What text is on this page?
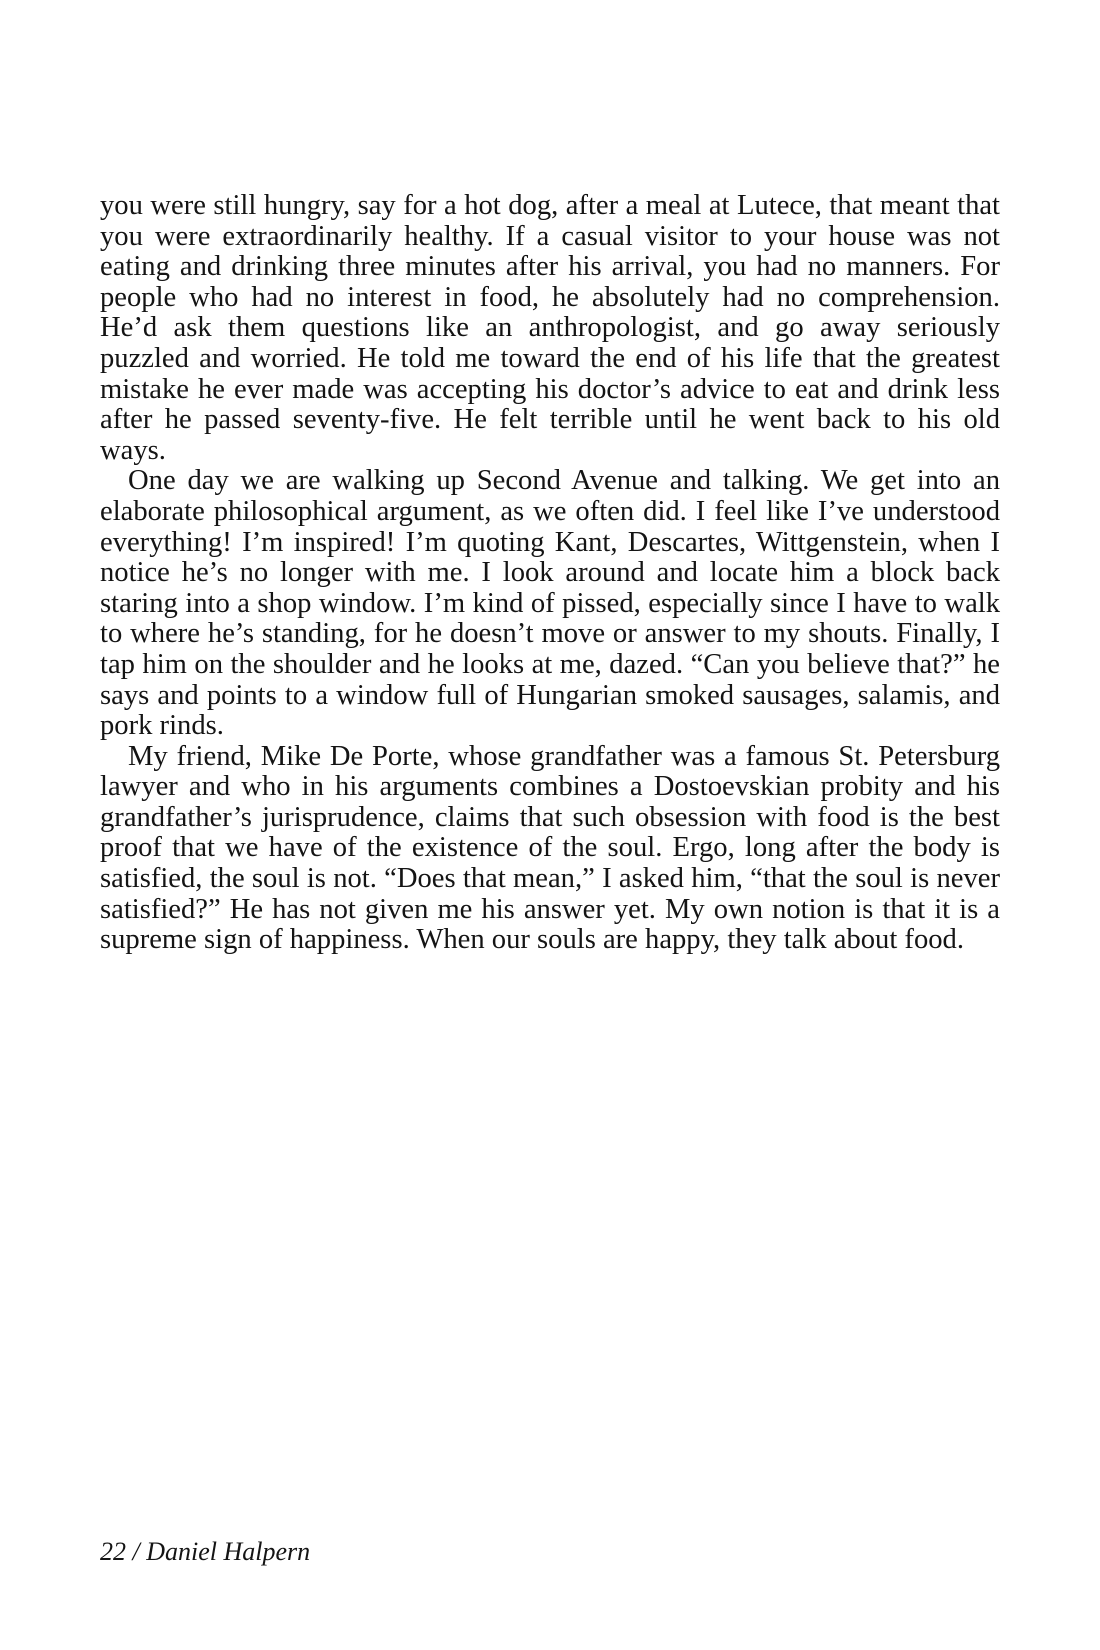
you were still hungry, say for a hot dog, after a meal at Lutece, that meant that you were extraordinarily healthy. If a casual visitor to your house was not eating and drinking three minutes after his arrival, you had no manners. For people who had no interest in food, he absolutely had no comprehension. He’d ask them questions like an anthropologist, and go away seriously puzzled and worried. He told me toward the end of his life that the greatest mistake he ever made was accepting his doctor’s advice to eat and drink less after he passed seventy-five. He felt terrible until he went back to his old ways.

One day we are walking up Second Avenue and talking. We get into an elaborate philosophical argument, as we often did. I feel like I’ve understood everything! I’m inspired! I’m quoting Kant, Descartes, Wittgenstein, when I notice he’s no longer with me. I look around and locate him a block back staring into a shop window. I’m kind of pissed, especially since I have to walk to where he’s standing, for he doesn’t move or answer to my shouts. Finally, I tap him on the shoulder and he looks at me, dazed. “Can you believe that?” he says and points to a window full of Hungarian smoked sausages, salamis, and pork rinds.

My friend, Mike De Porte, whose grandfather was a famous St. Petersburg lawyer and who in his arguments combines a Dostoevskian probity and his grandfather’s jurisprudence, claims that such obsession with food is the best proof that we have of the existence of the soul. Ergo, long after the body is satisfied, the soul is not. “Does that mean,” I asked him, “that the soul is never satisfied?” He has not given me his answer yet. My own notion is that it is a supreme sign of happiness. When our souls are happy, they talk about food.

22 / Daniel Halpern
